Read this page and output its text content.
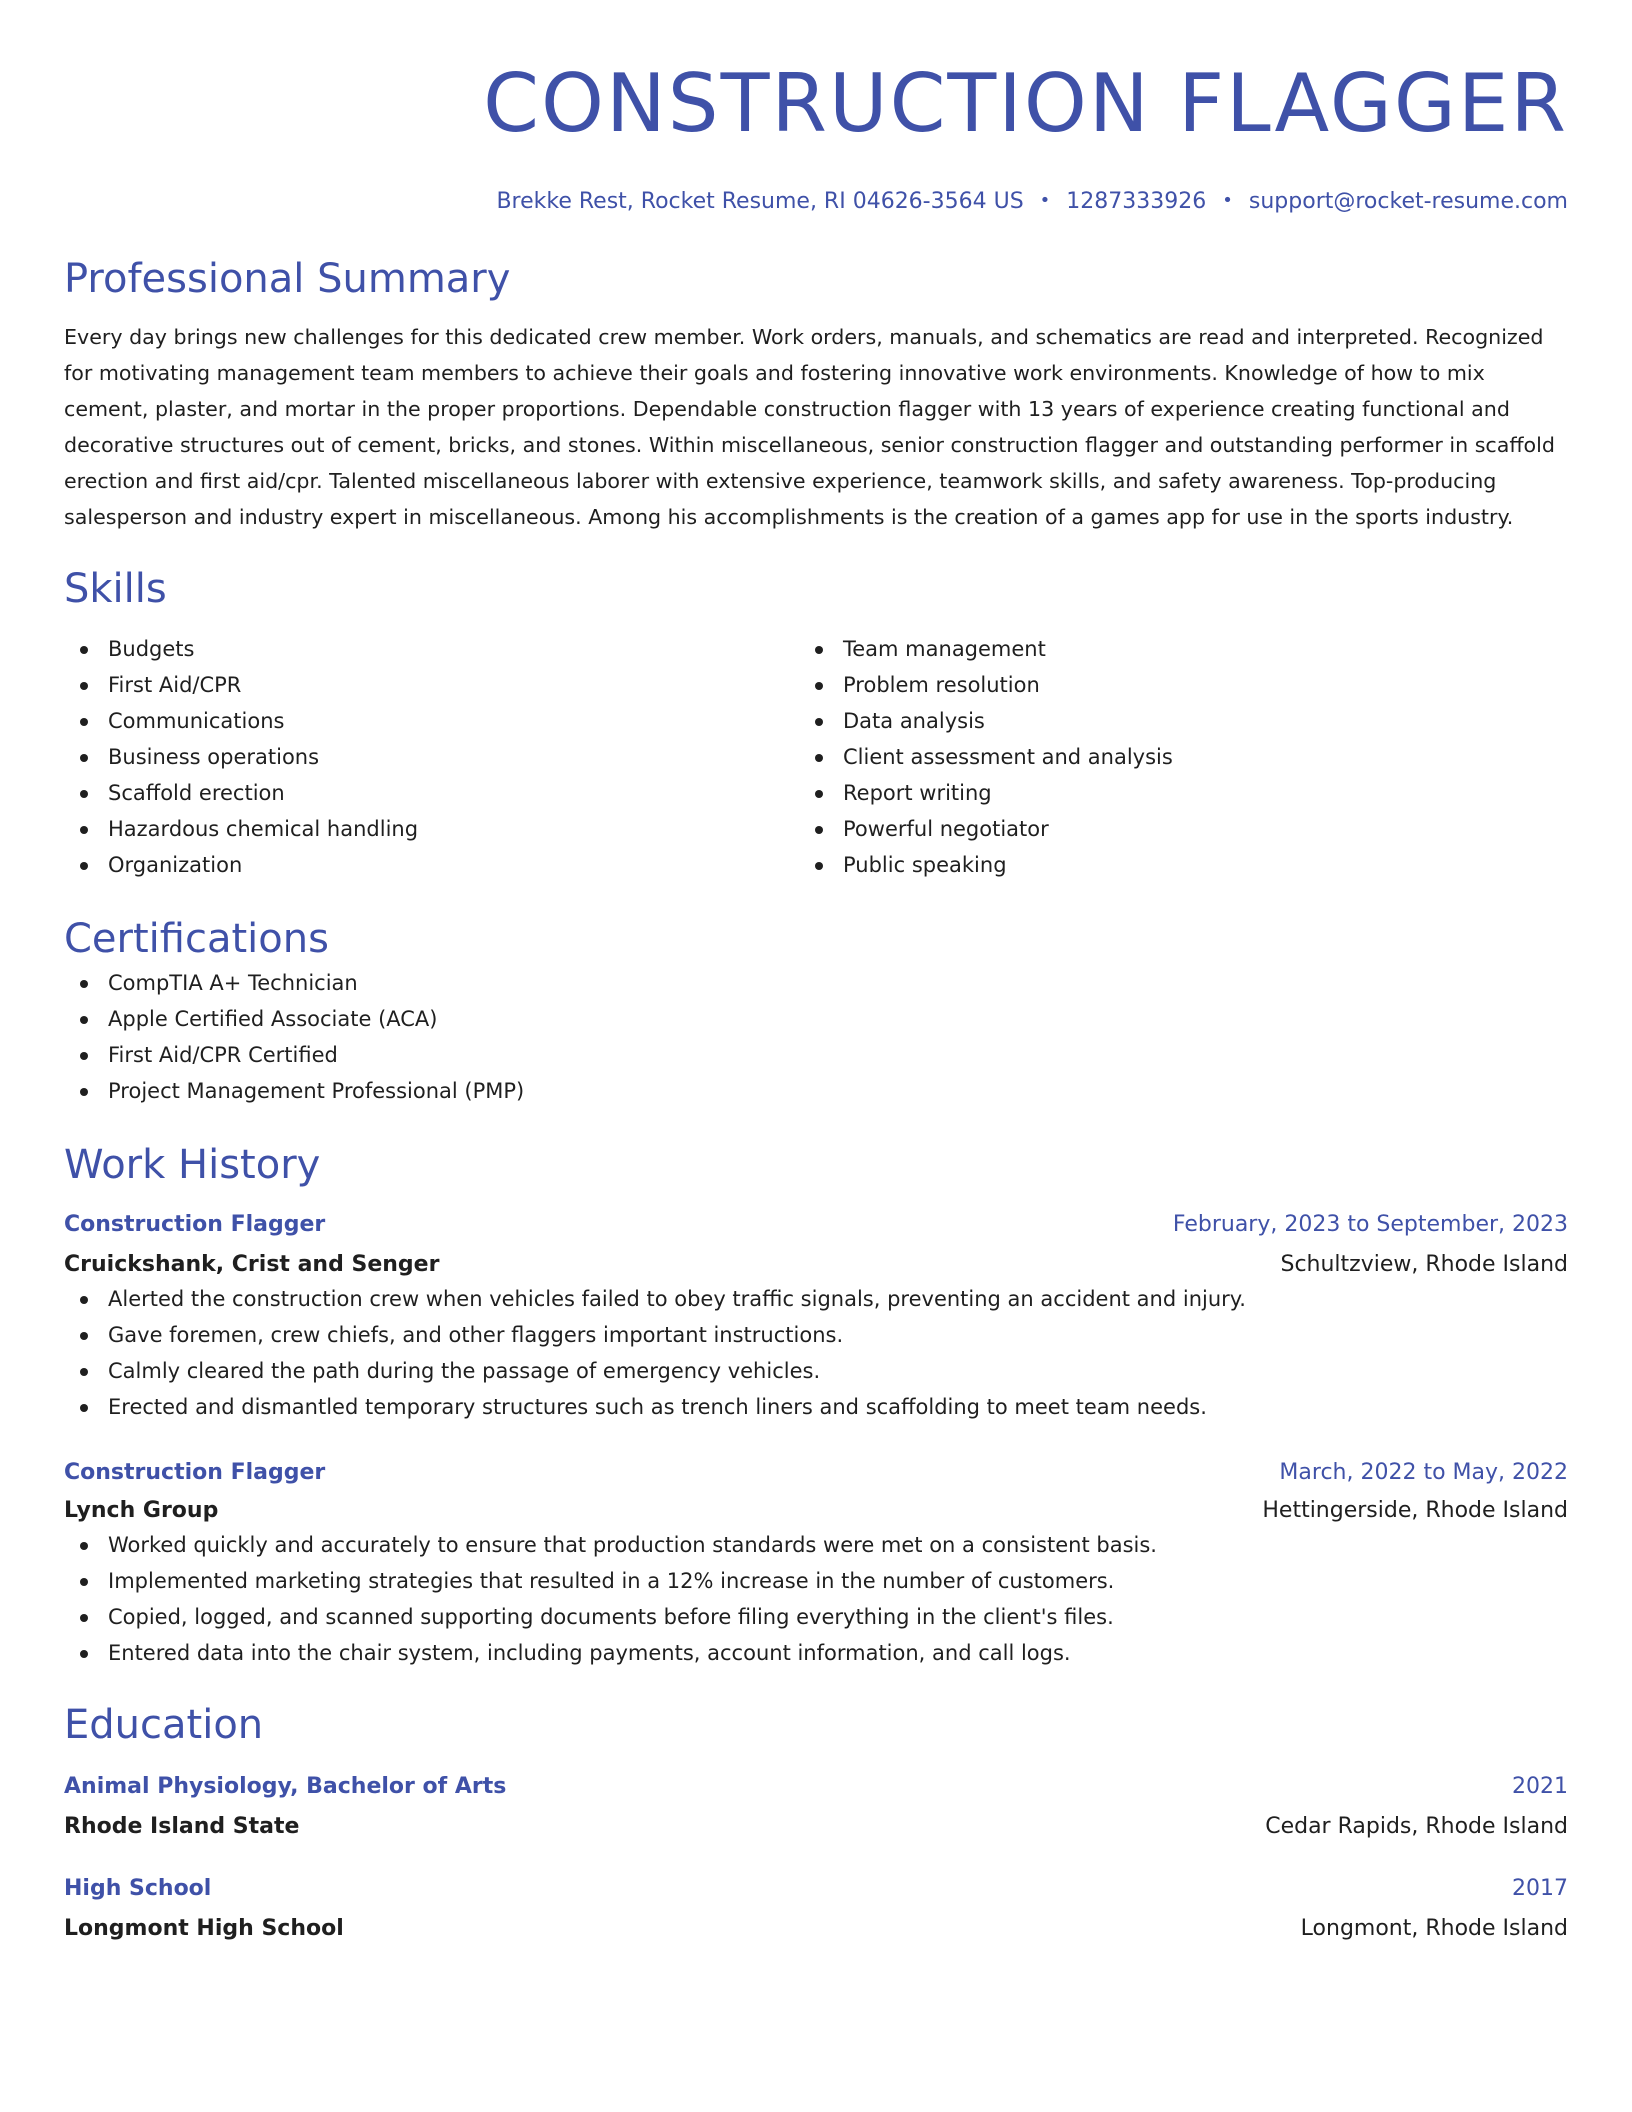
CONSTRUCTION FLAGGER
Brekke Rest, Rocket Resume, RI 04626-3564 US • 1287333926 • support@rocket-resume.com
Professional Summary
Every day brings new challenges for this dedicated crew member. Work orders, manuals, and schematics are read and interpreted. Recognized for motivating management team members to achieve their goals and fostering innovative work environments. Knowledge of how to mix cement, plaster, and mortar in the proper proportions. Dependable construction flagger with 13 years of experience creating functional and decorative structures out of cement, bricks, and stones. Within miscellaneous, senior construction flagger and outstanding performer in scaffold erection and first aid/cpr. Talented miscellaneous laborer with extensive experience, teamwork skills, and safety awareness. Top-producing salesperson and industry expert in miscellaneous. Among his accomplishments is the creation of a games app for use in the sports industry.
Skills
Budgets
First Aid/CPR
Communications
Business operations
Scaffold erection
Hazardous chemical handling
Organization
Team management
Problem resolution
Data analysis
Client assessment and analysis
Report writing
Powerful negotiator
Public speaking
Certifications
CompTIA A+ Technician
Apple Certified Associate (ACA)
First Aid/CPR Certified
Project Management Professional (PMP)
Work History
Construction Flagger	February, 2023 to September, 2023
Cruickshank, Crist and Senger	Schultzview, Rhode Island
Alerted the construction crew when vehicles failed to obey traffic signals, preventing an accident and injury.
Gave foremen, crew chiefs, and other flaggers important instructions.
Calmly cleared the path during the passage of emergency vehicles.
Erected and dismantled temporary structures such as trench liners and scaffolding to meet team needs.
Construction Flagger	March, 2022 to May, 2022
Lynch Group	Hettingerside, Rhode Island
Worked quickly and accurately to ensure that production standards were met on a consistent basis.
Implemented marketing strategies that resulted in a 12% increase in the number of customers.
Copied, logged, and scanned supporting documents before filing everything in the client's files.
Entered data into the chair system, including payments, account information, and call logs.
Education
Animal Physiology, Bachelor of Arts	2021
Rhode Island State	Cedar Rapids, Rhode Island
High School	2017
Longmont High School	Longmont, Rhode Island
